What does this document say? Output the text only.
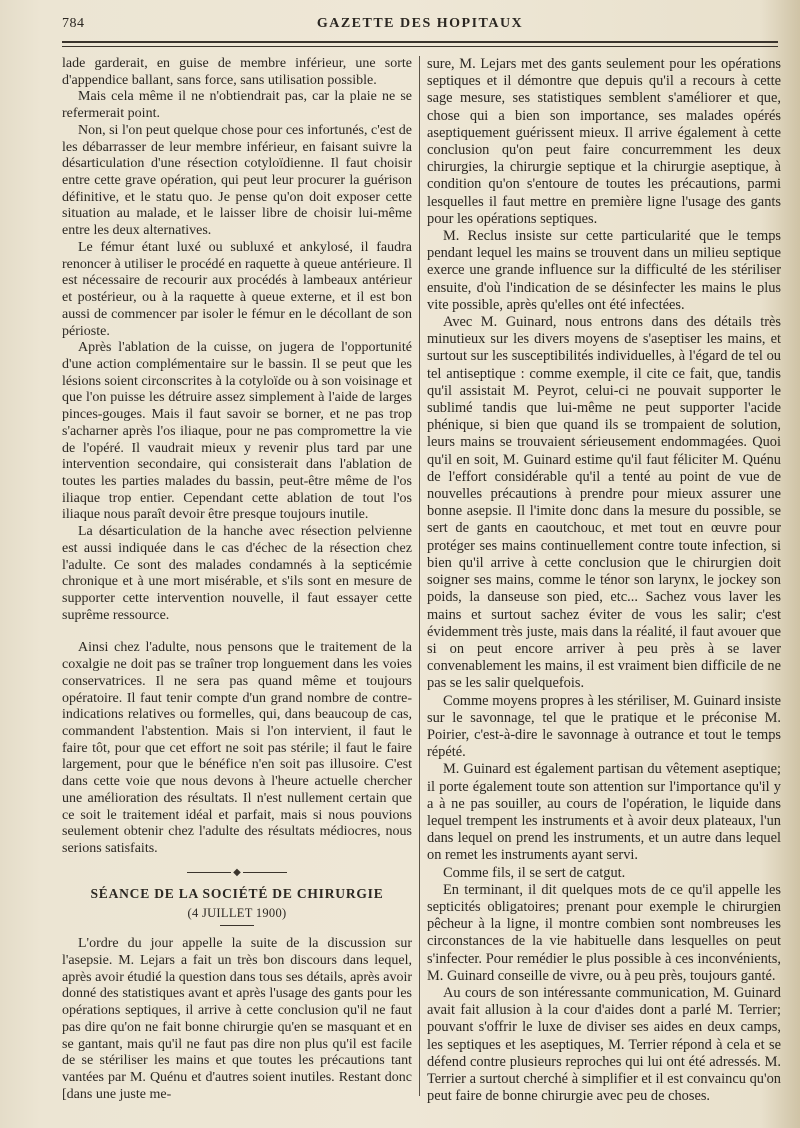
784	GAZETTE DES HOPITAUX

lade garderait, en guise de membre inférieur, une sorte d'appendice ballant, sans force, sans utilisation possible.

Mais cela même il ne n'obtiendrait pas, car la plaie ne se refermerait point.

Non, si l'on peut quelque chose pour ces infortunés, c'est de les débarrasser de leur membre inférieur, en faisant suivre la désarticulation d'une résection cotyloïdienne. Il faut choisir entre cette grave opération, qui peut leur procurer la guérison définitive, et le statu quo. Je pense qu'on doit exposer cette situation au malade, et le laisser libre de choisir lui-même entre les deux alternatives.

Le fémur étant luxé ou subluxé et ankylosé, il faudra renoncer à utiliser le procédé en raquette à queue antérieure. Il est nécessaire de recourir aux procédés à lambeaux antérieur et postérieur, ou à la raquette à queue externe, et il est bon aussi de commencer par isoler le fémur en le décollant de son périoste.

Après l'ablation de la cuisse, on jugera de l'opportunité d'une action complémentaire sur le bassin. Il se peut que les lésions soient circonscrites à la cotyloïde ou à son voisinage et que l'on puisse les détruire assez simplement à l'aide de larges pinces-gouges. Mais il faut savoir se borner, et ne pas trop s'acharner après l'os iliaque, pour ne pas compromettre la vie de l'opéré. Il vaudrait mieux y revenir plus tard par une intervention secondaire, qui consisterait dans l'ablation de toutes les parties malades du bassin, peut-être même de l'os iliaque trop entier. Cependant cette ablation de tout l'os iliaque nous paraît devoir être presque toujours inutile.

La désarticulation de la hanche avec résection pelvienne est aussi indiquée dans le cas d'échec de la résection chez l'adulte. Ce sont des malades condamnés à la septicémie chronique et à une mort misérable, et s'ils sont en mesure de supporter cette intervention nouvelle, il faut essayer cette suprême ressource.

Ainsi chez l'adulte, nous pensons que le traitement de la coxalgie ne doit pas se traîner trop longuement dans les voies conservatrices. Il ne sera pas quand même et toujours opératoire. Il faut tenir compte d'un grand nombre de contre-indications relatives ou formelles, qui, dans beaucoup de cas, commandent l'abstention. Mais si l'on intervient, il faut le faire tôt, pour que cet effort ne soit pas stérile; il faut le faire largement, pour que le bénéfice n'en soit pas illusoire. C'est dans cette voie que nous devons à l'heure actuelle chercher une amélioration des résultats. Il n'est nullement certain que ce soit le traitement idéal et parfait, mais si nous pouvions seulement obtenir chez l'adulte des résultats médiocres, nous serions satisfaits.

◆
SÉANCE DE LA SOCIÉTÉ DE CHIRURGIE
(4 JUILLET 1900)

L'ordre du jour appelle la suite de la discussion sur l'asepsie. M. Lejars a fait un très bon discours dans lequel, après avoir étudié la question dans tous ses détails, après avoir donné des statistiques avant et après l'usage des gants pour les opérations septiques, il arrive à cette conclusion qu'il ne faut pas dire qu'on ne fait bonne chirurgie qu'en se masquant et en se gantant, mais qu'il ne faut pas dire non plus qu'il est facile de se stériliser les mains et que toutes les précautions tant vantées par M. Quénu et d'autres soient inutiles. Restant donc [dans une juste me-

sure, M. Lejars met des gants seulement pour les opérations septiques et il démontre que depuis qu'il a recours à cette sage mesure, ses statistiques semblent s'améliorer et que, chose qui a bien son importance, ses malades opérés aseptiquement guérissent mieux. Il arrive également à cette conclusion qu'on peut faire concurremment les deux chirurgies, la chirurgie septique et la chirurgie aseptique, à condition qu'on s'entoure de toutes les précautions, parmi lesquelles il faut mettre en première ligne l'usage des gants pour les opérations septiques.

M. Reclus insiste sur cette particularité que le temps pendant lequel les mains se trouvent dans un milieu septique exerce une grande influence sur la difficulté de les stériliser ensuite, d'où l'indication de se désinfecter les mains le plus vite possible, après qu'elles ont été infectées.

Avec M. Guinard, nous entrons dans des détails très minutieux sur les divers moyens de s'aseptiser les mains, et surtout sur les susceptibilités individuelles, à l'égard de tel ou tel antiseptique : comme exemple, il cite ce fait, que, tandis qu'il assistait M. Peyrot, celui-ci ne pouvait supporter le sublimé tandis que lui-même ne peut supporter l'acide phénique, si bien que quand ils se trompaient de solution, leurs mains se trouvaient sérieusement endommagées. Quoi qu'il en soit, M. Guinard estime qu'il faut féliciter M. Quénu de l'effort considérable qu'il a tenté au point de vue de nouvelles précautions à prendre pour mieux assurer une bonne asepsie. Il l'imite donc dans la mesure du possible, se sert de gants en caoutchouc, et met tout en œuvre pour protéger ses mains continuellement contre toute infection, si bien qu'il arrive à cette conclusion que le chirurgien doit soigner ses mains, comme le ténor son larynx, le jockey son poids, la danseuse son pied, etc... Sachez vous laver les mains et surtout sachez éviter de vous les salir; c'est évidemment très juste, mais dans la réalité, il faut avouer que si on peut encore arriver à peu près à se laver convenablement les mains, il est vraiment bien difficile de ne pas se les salir quelquefois.

Comme moyens propres à les stériliser, M. Guinard insiste sur le savonnage, tel que le pratique et le préconise M. Poirier, c'est-à-dire le savonnage à outrance et tout le temps répété.

M. Guinard est également partisan du vêtement aseptique; il porte également toute son attention sur l'importance qu'il y a à ne pas souiller, au cours de l'opération, le liquide dans lequel trempent les instruments et à avoir deux plateaux, l'un dans lequel on prend les instruments, et un autre dans lequel on remet les instruments ayant servi.

Comme fils, il se sert de catgut.

En terminant, il dit quelques mots de ce qu'il appelle les septicités obligatoires; prenant pour exemple le chirurgien pêcheur à la ligne, il montre combien sont nombreuses les circonstances de la vie habituelle dans lesquelles on peut s'infecter. Pour remédier le plus possible à ces inconvénients, M. Guinard conseille de vivre, ou à peu près, toujours ganté.

Au cours de son intéressante communication, M. Guinard avait fait allusion à la cour d'aides dont a parlé M. Terrier; pouvant s'offrir le luxe de diviser ses aides en deux camps, les septiques et les aseptiques, M. Terrier répond à cela et se défend contre plusieurs reproches qui lui ont été adressés. M. Terrier a surtout cherché à simplifier et il est convaincu qu'on peut faire de bonne chirurgie avec peu de choses.
